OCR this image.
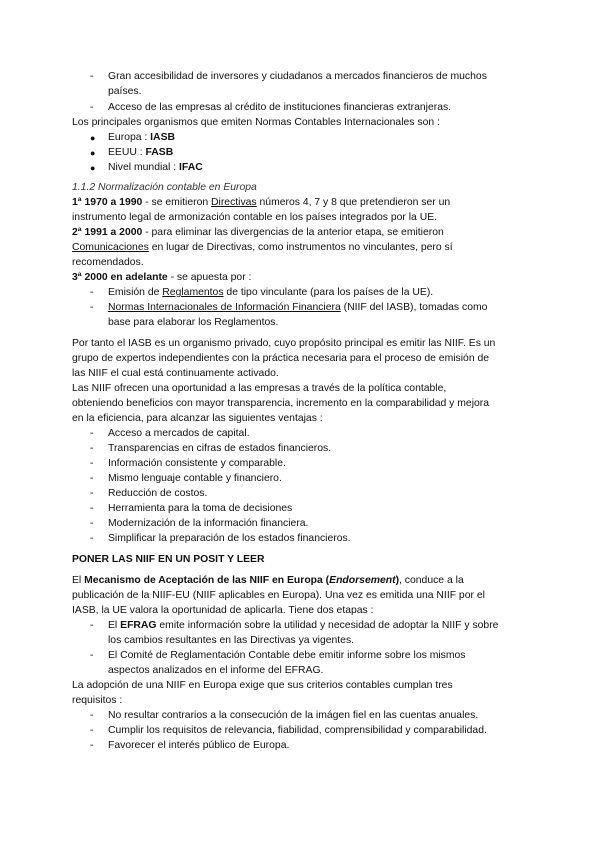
- Gran accesibilidad de inversores y ciudadanos a mercados financieros de muchos
países.
- Acceso de las empresas al crédito de instituciones financieras extranjeras.
Los principales organismos que emiten Normas Contables Internacionales son :
● Europa : IASB
● EEUU : FASB
● Nivel mundial : IFAC
1.1.2 Normalización contable en Europa
1ª 1970 a 1990 - se emitieron Directivas números 4, 7 y 8 que pretendieron ser un
instrumento legal de armonización contable en los países integrados por la UE.
2ª 1991 a 2000 - para eliminar las divergencias de la anterior etapa, se emitieron
Comunicaciones en lugar de Directivas, como instrumentos no vinculantes, pero sí
recomendados.
3ª 2000 en adelante - se apuesta por :
- Emisión de Reglamentos de tipo vinculante (para los países de la UE).
- Normas Internacionales de Información Financiera (NIIF del IASB), tomadas como
base para elaborar los Reglamentos.
Por tanto el IASB es un organismo privado, cuyo propósito principal es emitir las NIIF. Es un
grupo de expertos independientes con la práctica necesaria para el proceso de emisión de
las NIIF el cual está continuamente activado.
Las NIIF ofrecen una oportunidad a las empresas a través de la política contable,
obteniendo beneficios con mayor transparencia, incremento en la comparabilidad y mejora
en la eficiencia, para alcanzar las siguientes ventajas :
- Acceso a mercados de capital.
- Transparencias en cifras de estados financieros.
- Información consistente y comparable.
- Mismo lenguaje contable y financiero.
- Reducción de costos.
- Herramienta para la toma de decisiones
- Modernización de la información financiera.
- Simplificar la preparación de los estados financieros.
PONER LAS NIIF EN UN POSIT Y LEER
El Mecanismo de Aceptación de las NIIF en Europa (Endorsement), conduce a la
publicación de la NIIF-EU (NIIF aplicables en Europa). Una vez es emitida una NIIF por el
IASB, la UE valora la oportunidad de aplicarla. Tiene dos etapas :
- El EFRAG emite información sobre la utilidad y necesidad de adoptar la NIIF y sobre
los cambios resultantes en las Directivas ya vigentes.
- El Comité de Reglamentación Contable debe emitir informe sobre los mismos
aspectos analizados en el informe del EFRAG.
La adopción de una NIIF en Europa exige que sus criterios contables cumplan tres
requisitos :
- No resultar contrarios a la consecución de la imágen fiel en las cuentas anuales.
- Cumplir los requisitos de relevancia, fiabilidad, comprensibilidad y comparabilidad.
- Favorecer el interés público de Europa.
